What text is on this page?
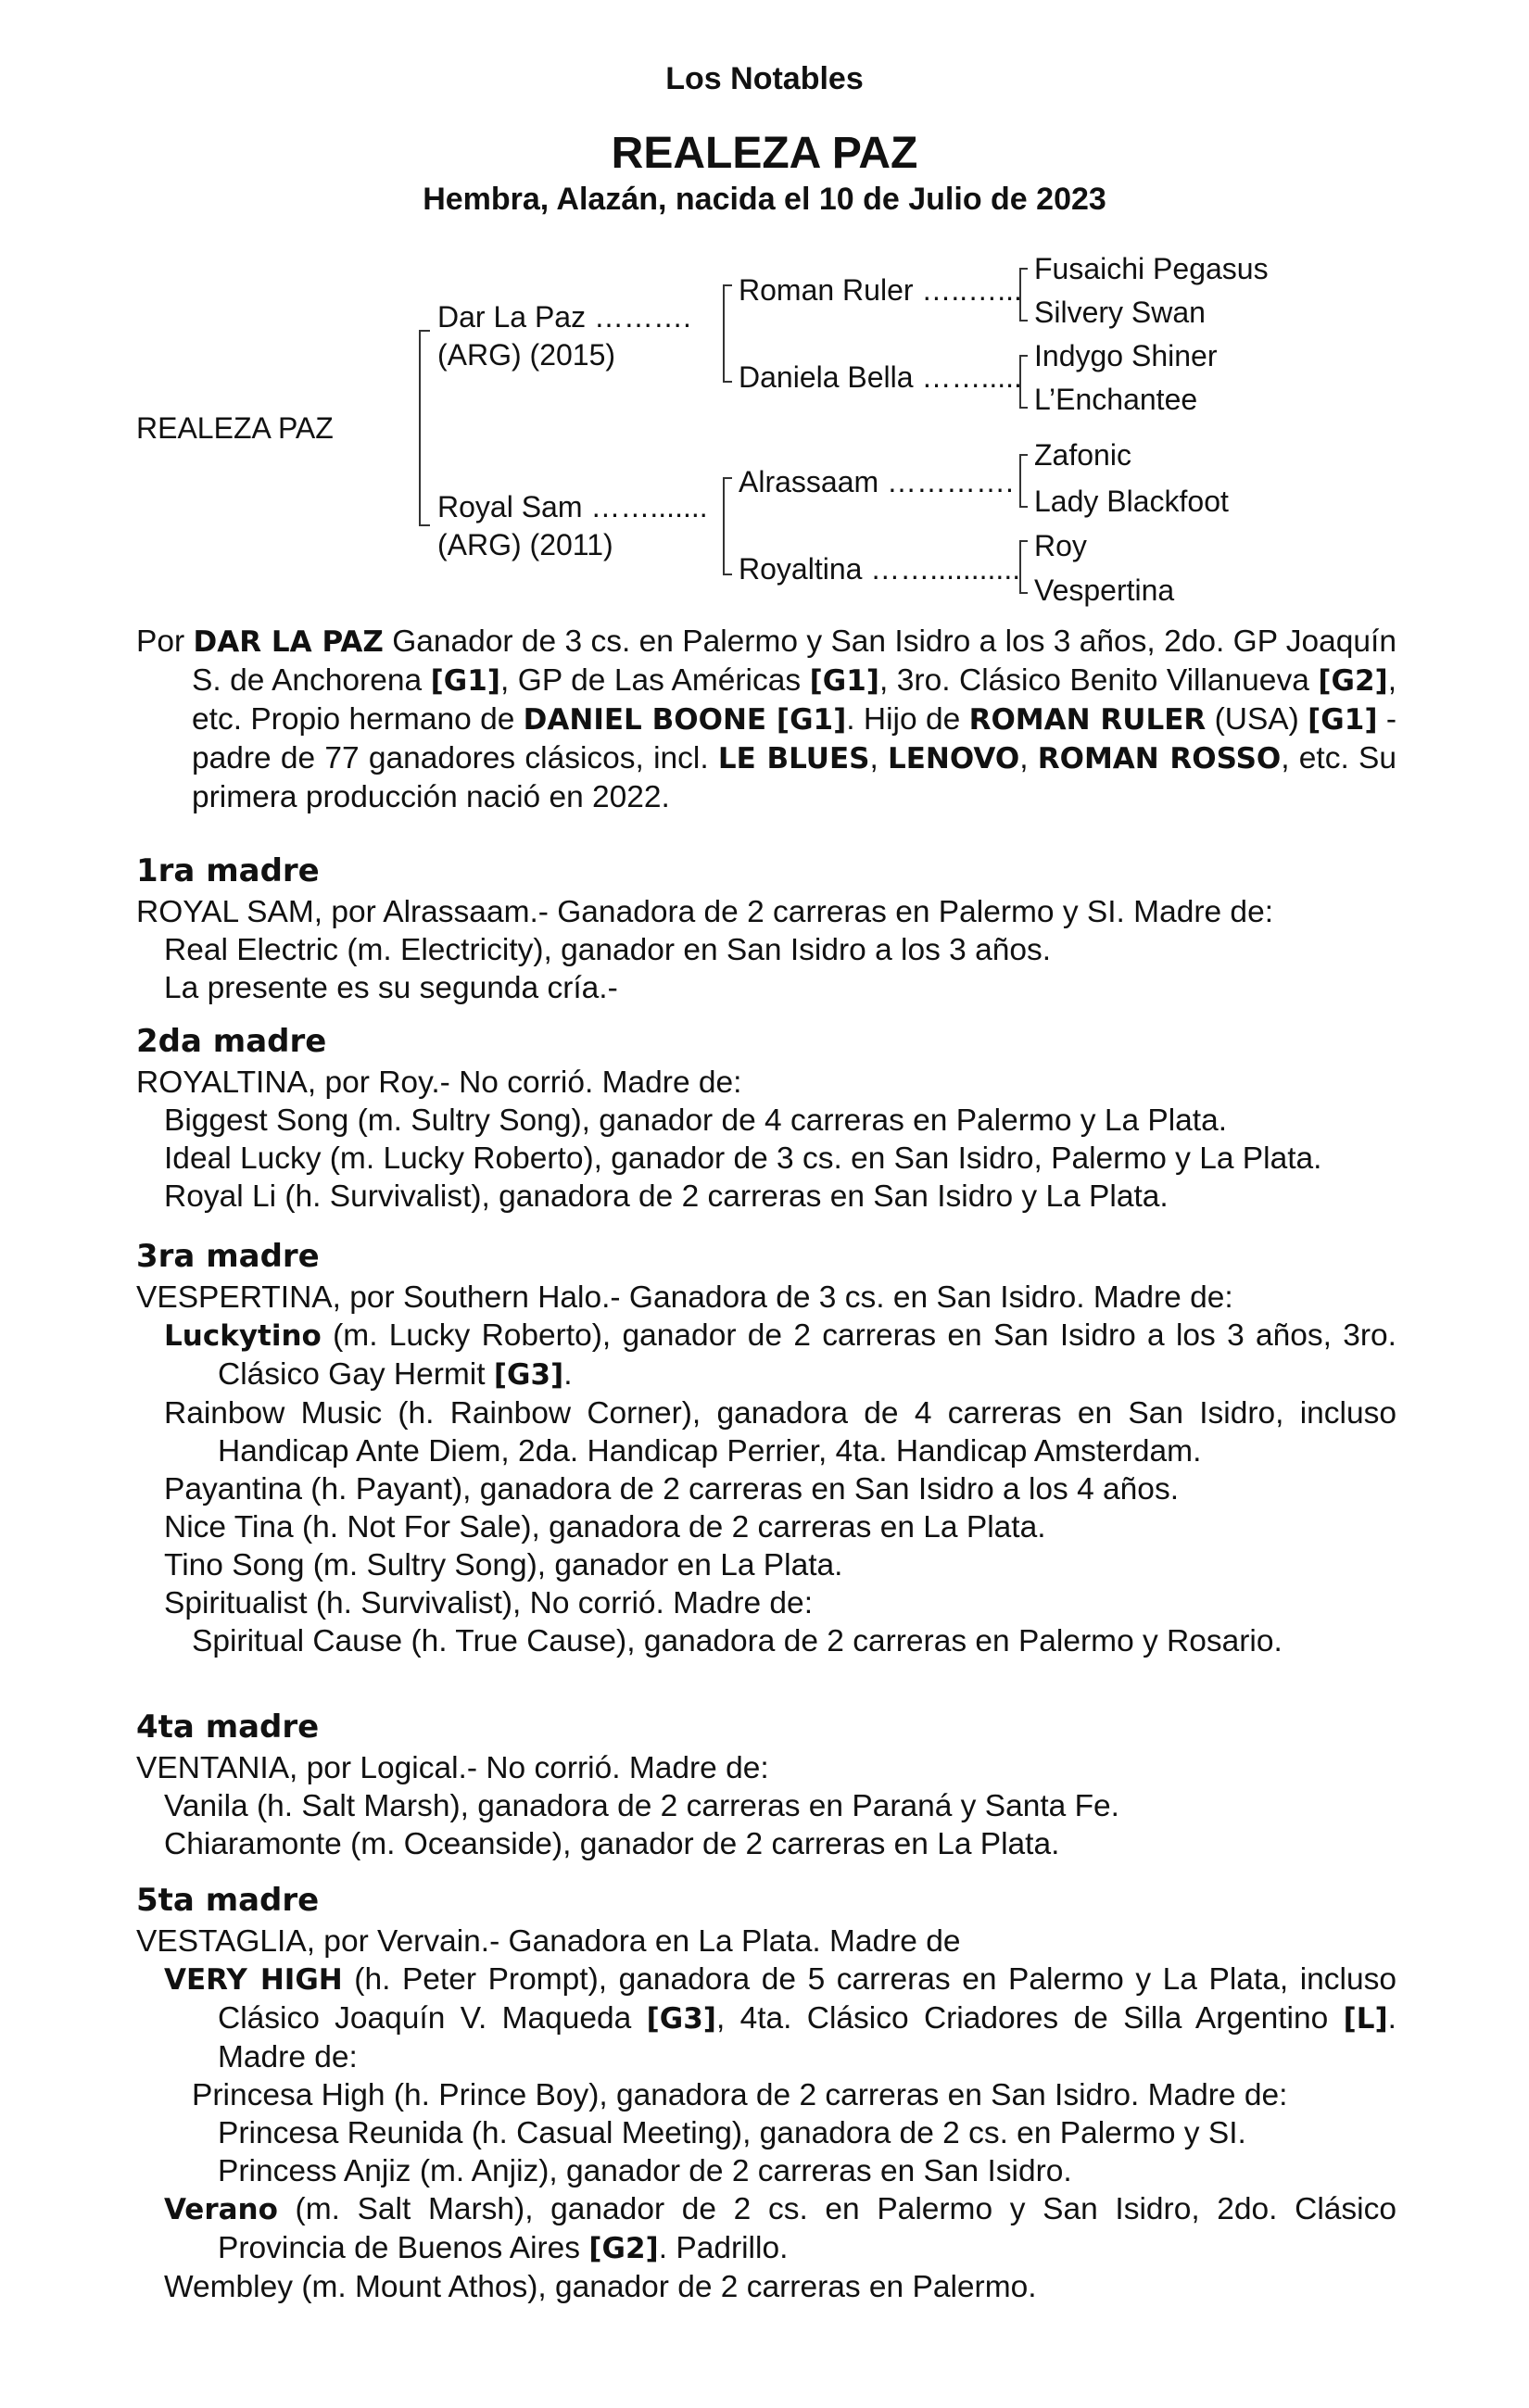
Los Notables
REALEZA PAZ
Hembra, Alazán, nacida el 10 de Julio de 2023
REALEZA PAZ
Dar La Paz ……….
(ARG) (2015)
Royal Sam …….......
(ARG) (2011)
Roman Ruler …..…...
Daniela Bella …….....
Alrassaam ………….
Royaltina ……...........
Fusaichi Pegasus
Silvery Swan
Indygo Shiner
L’Enchantee
Zafonic
Lady Blackfoot
Roy
Vespertina

Por DAR LA PAZ Ganador de 3 cs. en Palermo y San Isidro a los 3 años, 2do. GP Joaquín S. de Anchorena [G1], GP de Las Américas [G1], 3ro. Clásico Benito Villanueva [G2], etc. Propio hermano de DANIEL BOONE [G1]. Hijo de ROMAN RULER (USA) [G1] -padre de 77 ganadores clásicos, incl. LE BLUES, LENOVO, ROMAN ROSSO, etc. Su primera producción nació en 2022.

1ra madre

ROYAL SAM, por Alrassaam.- Ganadora de 2 carreras en Palermo y SI. Madre de:

Real Electric (m. Electricity), ganador en San Isidro a los 3 años.

La presente es su segunda cría.-

2da madre

ROYALTINA, por Roy.- No corrió. Madre de:

Biggest Song (m. Sultry Song), ganador de 4 carreras en Palermo y La Plata.

Ideal Lucky (m. Lucky Roberto), ganador de 3 cs. en San Isidro, Palermo y La Plata.

Royal Li (h. Survivalist), ganadora de 2 carreras en San Isidro y La Plata.

3ra madre

VESPERTINA, por Southern Halo.- Ganadora de 3 cs. en San Isidro. Madre de:

Luckytino (m. Lucky Roberto), ganador de 2 carreras en San Isidro a los 3 años, 3ro. Clásico Gay Hermit [G3].

Rainbow Music (h. Rainbow Corner), ganadora de 4 carreras en San Isidro, incluso Handicap Ante Diem, 2da. Handicap Perrier, 4ta. Handicap Amsterdam.

Payantina (h. Payant), ganadora de 2 carreras en San Isidro a los 4 años.

Nice Tina (h. Not For Sale), ganadora de 2 carreras en La Plata.

Tino Song (m. Sultry Song), ganador en La Plata.

Spiritualist (h. Survivalist), No corrió. Madre de:

Spiritual Cause (h. True Cause), ganadora de 2 carreras en Palermo y Rosario.

4ta madre

VENTANIA, por Logical.- No corrió. Madre de:

Vanila (h. Salt Marsh), ganadora de 2 carreras en Paraná y Santa Fe.

Chiaramonte (m. Oceanside), ganador de 2 carreras en La Plata.

5ta madre

VESTAGLIA, por Vervain.- Ganadora en La Plata. Madre de

VERY HIGH (h. Peter Prompt), ganadora de 5 carreras en Palermo y La Plata, incluso Clásico Joaquín V. Maqueda [G3], 4ta. Clásico Criadores de Silla Argentino [L]. Madre de:

Princesa High (h. Prince Boy), ganadora de 2 carreras en San Isidro. Madre de:

Princesa Reunida (h. Casual Meeting), ganadora de 2 cs. en Palermo y SI.

Princess Anjiz (m. Anjiz), ganador de 2 carreras en San Isidro.

Verano (m. Salt Marsh), ganador de 2 cs. en Palermo y San Isidro, 2do. Clásico Provincia de Buenos Aires [G2]. Padrillo.

Wembley (m. Mount Athos), ganador de 2 carreras en Palermo.
